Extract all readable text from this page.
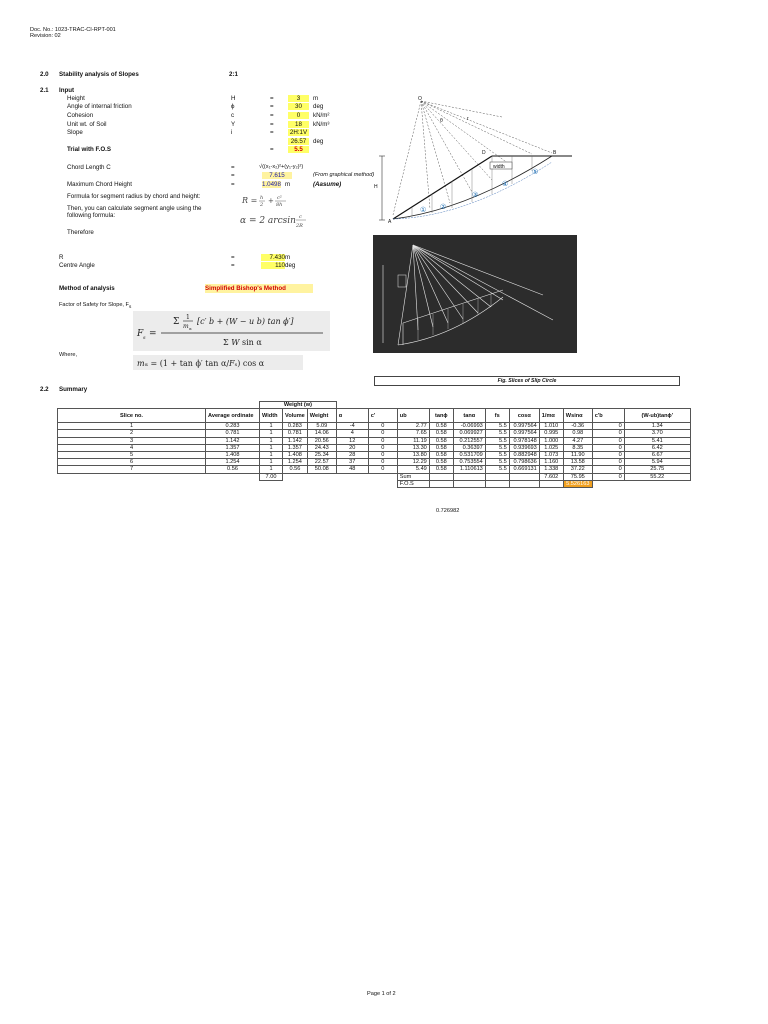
Doc. No.: 1023-TRAC-CI-RPT-001
Revision: 02
2.0 Stability analysis of Slopes	2:1
2.1 Input
Height	H	=	3	m
Angle of internal friction	ϕ	=	30	deg
Cohesion	c	=	0	kN/m²
Unit wt. of Soil	Y	=	18	kN/m³
Slope	i	=	2H:1V
26.57	deg
Trial with F.O.S	=	5.5
Chord Length C	=	√((x₁-x₂)²+(y₁-y₂)²)
=	7.615	(From graphical method)
Maximum Chord Height	=	1.0498 m	(Aasume)
Formula for segment radius by chord and height:
Then, you can calculate segment angle using the
following formula:
R = h
2 + c²
8h
α = 2 arcsin c
2R
Therefore
R	=	7.430 m
Centre Angle	=	110 deg
Method of analysis	Simplified Bishop's Method
Factor of Safety for Slope, $F_s$
F s =
Σ 1
m α
[c′ b + (W − u b) tan ϕ′]
Σ W sin α
Where,
mα = (1 + tan ϕ′ tan α/Fs) cos α
O
θ	r
D	B
A
H
width
① ②
③
④
⑤
Fig. Slices of Slip Circle
2.2 Summary
		Weight (w)													
Slice no.	Average ordinate	Width	Volume	Weight	α	c'	ub	tanϕ	tanα	fs	cosα	1/mα	Wsinα	c'b	(W-ub)tanϕ'
1	0.283	1	0.283	5.09	-4	0	2.77	0.58	-0.06993	5.5	0.997564	1.010	-0.36	0	1.34
2	0.781	1	0.781	14.06	4	0	7.65	0.58	0.069927	5.5	0.997564	0.995	0.98	0	3.70
3	1.142	1	1.142	20.56	12	0	11.19	0.58	0.212557	5.5	0.978148	1.000	4.27	0	5.41
4	1.357	1	1.357	24.43	20	0	13.30	0.58	0.36397	5.5	0.939693	1.025	8.35	0	6.42
5	1.408	1	1.408	25.34	28	0	13.80	0.58	0.531709	5.5	0.882948	1.073	11.90	0	6.67
6	1.254	1	1.254	22.57	37	0	12.29	0.58	0.753554	5.5	0.798636	1.160	13.58	0	5.94
7	0.56	1	0.56	50.08	48	0	5.49	0.58	1.110613	5.5	0.669131	1.338	37.22	0	25.75
		7.00					Sum					7.602	75.95	0	55.22
							F.O.S						5.526163		
0.726982
Page 1 of 2
